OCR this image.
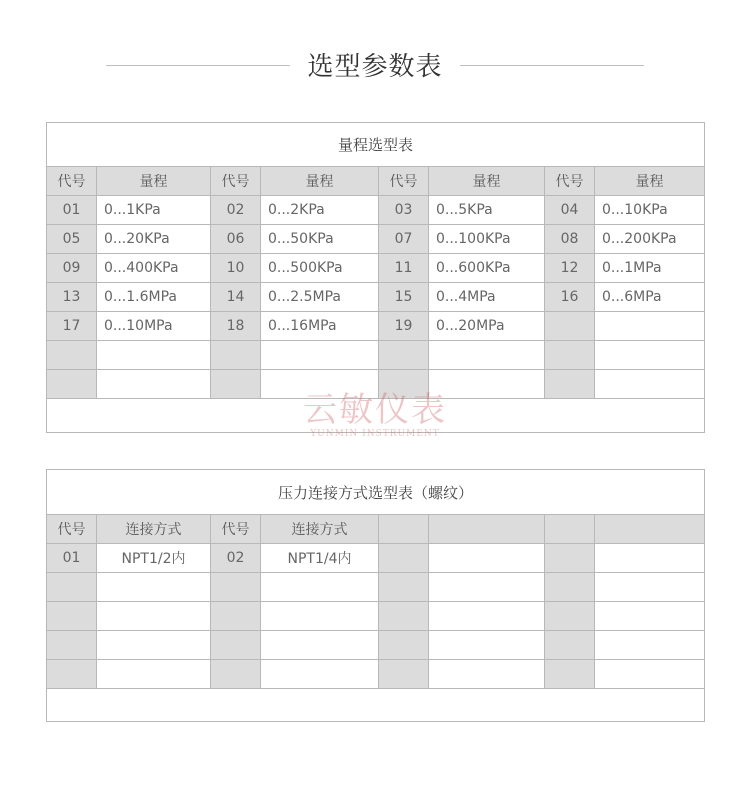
选型参数表
量程选型表							
代号	量程	代号	量程	代号	量程	代号	量程
01	0...1KPa	02	0...2KPa	03	0...5KPa	04	0...10KPa
05	0...20KPa	06	0...50KPa	07	0...100KPa	08	0...200KPa
09	0...400KPa	10	0...500KPa	11	0...600KPa	12	0...1MPa
13	0...1.6MPa	14	0...2.5MPa	15	0...4MPa	16	0...6MPa
17	0...10MPa	18	0...16MPa	19	0...20MPa		

压力连接方式选型表（螺纹）							
代号	连接方式	代号	连接方式				
01	NPT1/2内	02	NPT1/4内				

云敏仪表
YUNMIN INSTRUMENT
